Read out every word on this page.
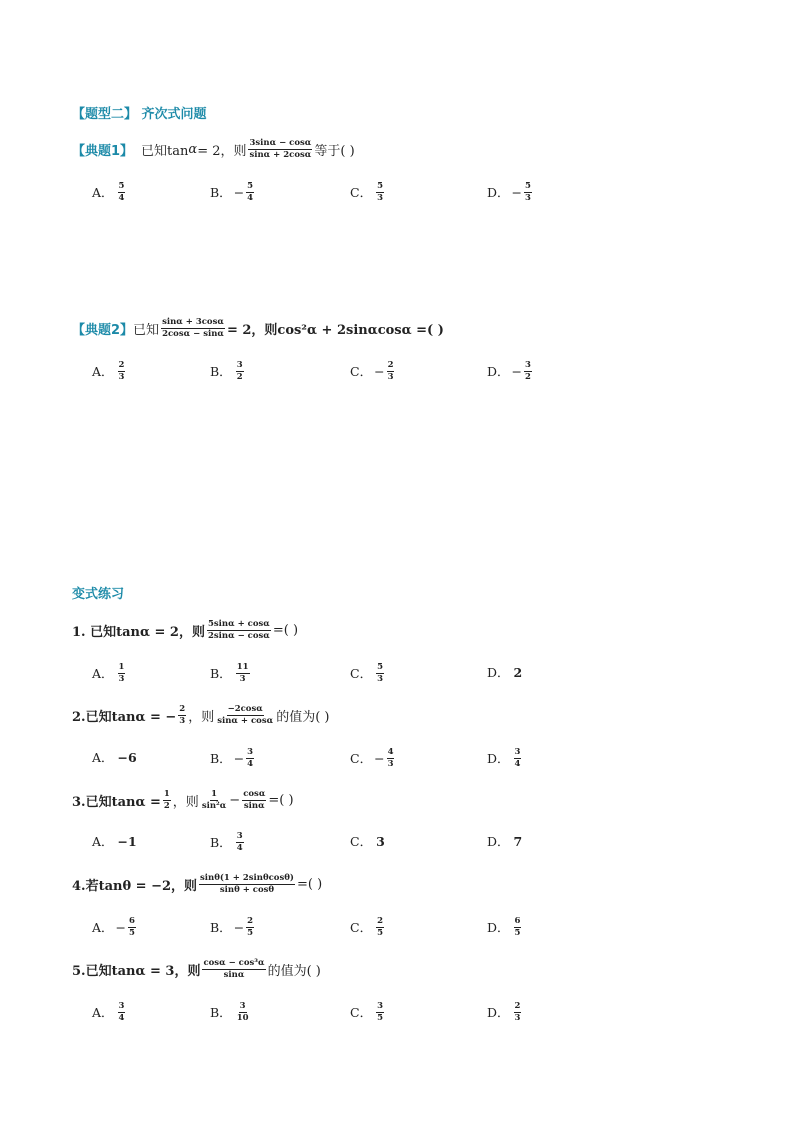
【题型二】 齐次式问题
【典题1】 已知tan α = 2，则 $\frac{3\sin\alpha - \cos\alpha}{\sin\alpha + 2\cos\alpha}$ 等于( )
A． $\frac{5}{4}$	B． − $\frac{5}{4}$	C． $\frac{5}{3}$	D． − $\frac{5}{3}$
【典题2】 已知 $\frac{\sin\alpha + 3\cos\alpha}{2\cos\alpha - \sin\alpha} = 2$，则cos²α + 2sinαcosα =( )
A． $\frac{2}{3}$	B． $\frac{3}{2}$	C． − $\frac{2}{3}$	D． − $\frac{3}{2}$
变式练习
1. 已知tanα = 2，则 $\frac{5\sin\alpha + \cos\alpha}{2\sin\alpha - \cos\alpha}$ =( )
A． $\frac{1}{3}$	B． $\frac{11}{3}$	C． $\frac{5}{3}$	D． 2
2.已知tanα = − $\frac{2}{3}$ ，则 $\frac{-2\cos\alpha}{\sin\alpha + \cos\alpha}$ 的值为( )
A． −6	B． − $\frac{3}{4}$	C． − $\frac{4}{3}$	D． $\frac{3}{4}$
3.已知$\tan\alpha = \frac{1}{2}$ ，则 $\frac{1}{\text{sin²α}} - \frac{\cos\alpha}{\sin\alpha}$ =( )
A． −1	B． $\frac{3}{4}$	C． 3	D． 7
4.若tanθ = −2，则 $\frac{\sin\theta(1 + 2\sin\theta\cos\theta)}{\sin\theta + \cos\theta}$ =( )
A． − $\frac{6}{5}$	B． − $\frac{2}{5}$	C． $\frac{2}{5}$	D． $\frac{6}{5}$
5.已知tanα = 3，则 $\frac{\text{cosα − cos³α}}{\sin\alpha}$ 的值为( )
A． $\frac{3}{4}$	B． $\frac{3}{10}$	C． $\frac{3}{5}$	D． $\frac{2}{3}$
